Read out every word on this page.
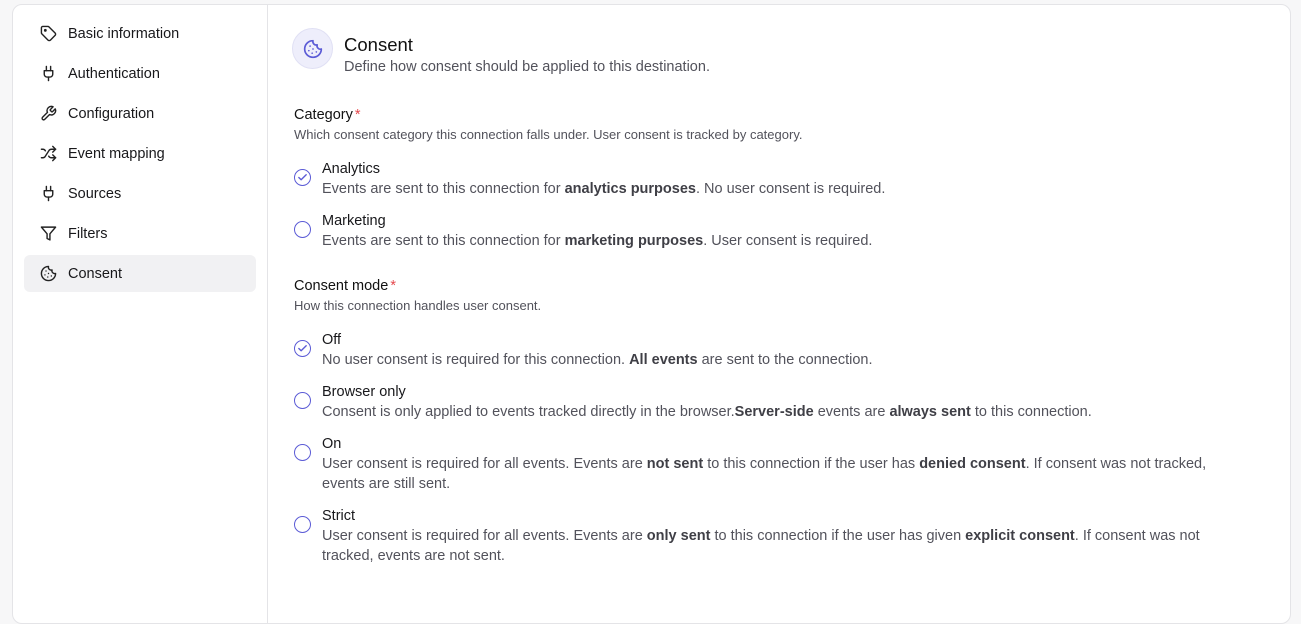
Basic information
Authentication
Configuration
Event mapping
Sources
Filters
Consent
Consent
Define how consent should be applied to this destination.
Category *
Which consent category this connection falls under. User consent is tracked by category.
Analytics
Events are sent to this connection for analytics purposes. No user consent is required.
Marketing
Events are sent to this connection for marketing purposes. User consent is required.
Consent mode *
How this connection handles user consent.
Off
No user consent is required for this connection. All events are sent to the connection.
Browser only
Consent is only applied to events tracked directly in the browser.Server-side events are always sent to this connection.
On
User consent is required for all events. Events are not sent to this connection if the user has denied consent. If consent was not tracked, events are still sent.
Strict
User consent is required for all events. Events are only sent to this connection if the user has given explicit consent. If consent was not tracked, events are not sent.
